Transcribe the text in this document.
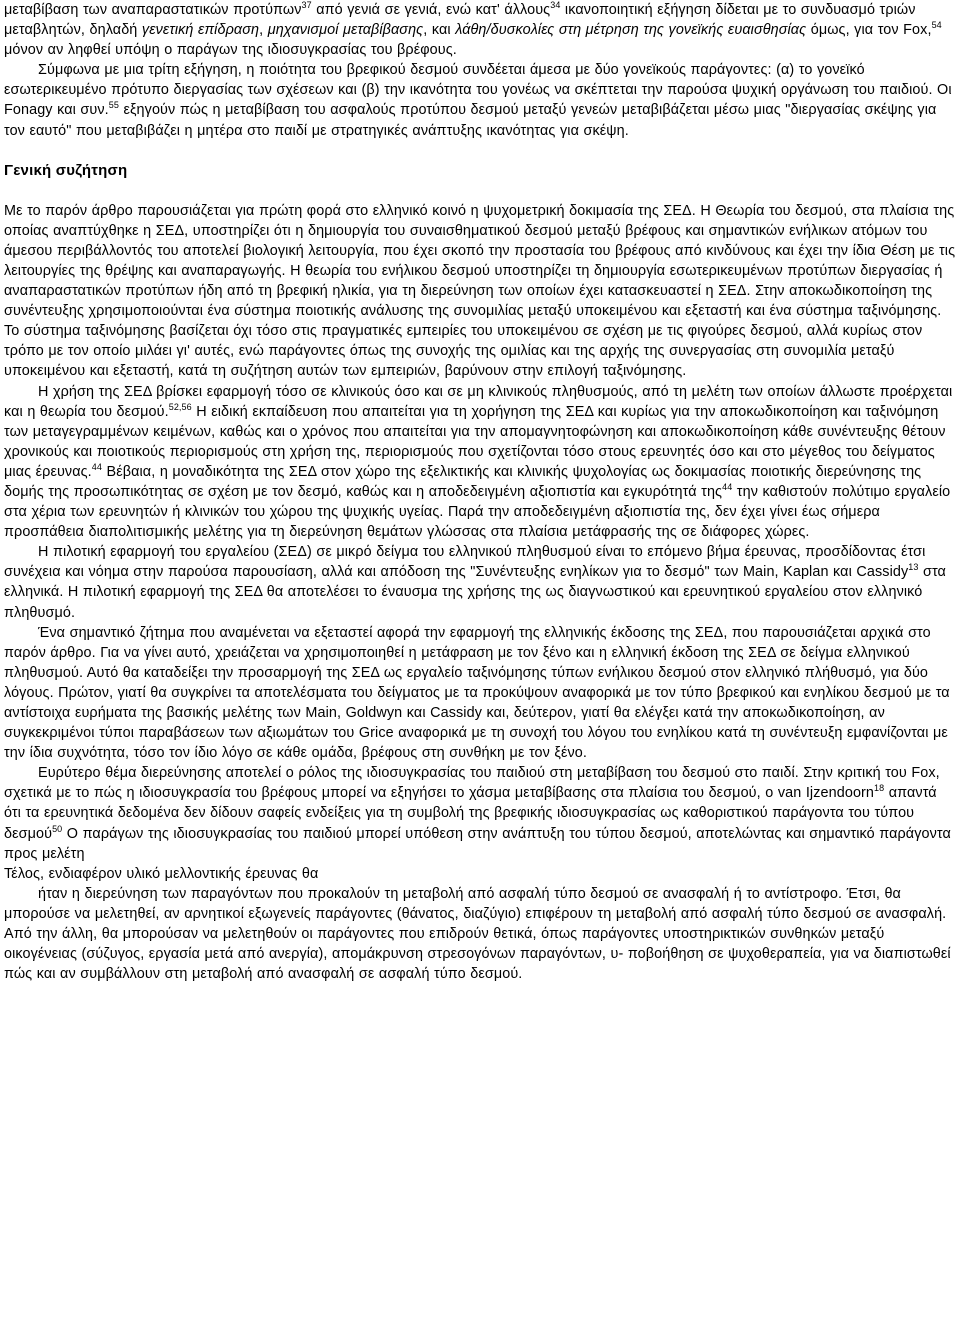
μεταβίβαση των αναπαραστατικών προτύπων$^{37}$ από γενιά σε γενιά, ενώ κατ' άλλους$^{34}$ ικανοποιητική εξήγηση δίδεται με το συνδυασμό τριών μεταβλητών, δηλαδή γενετική επίδραση, μηχανισμοί μεταβίβασης, και λάθη/δυσκολίες στη μέτρηση της γονεϊκής ευαισθησίας όμως, για τον Fox,$^{54}$ μόνον αν ληφθεί υπόψη ο παράγων της ιδιοσυγκρασίας του βρέφους.

Σύμφωνα με μια τρίτη εξήγηση, η ποιότητα του βρεφικού δεσμού συνδέεται άμεσα με δύο γονεϊκούς παράγοντες: (α) το γονεϊκό εσωτερικευμένο πρότυπο διεργασίας των σχέσεων και (β) την ικανότητα του γονέως να σκέπτεται την παρούσα ψυχική οργάνωση του παιδιού. Οι Fonagy και συν.$^{55}$ εξηγούν πώς η μεταβίβαση του ασφαλούς προτύπου δεσμού μεταξύ γενεών μεταβιβάζεται μέσω μιας "διεργασίας σκέψης για τον εαυτό" που μεταβιβάζει η μητέρα στο παιδί με στρατηγικές ανάπτυξης ικανότητας για σκέψη.

Γενική συζήτηση

Με το παρόν άρθρο παρουσιάζεται για πρώτη φορά στο ελληνικό κοινό η ψυχομετρική δοκιμασία της ΣΕΔ. Η Θεωρία του δεσμού, στα πλαίσια της οποίας αναπτύχθηκε η ΣΕΔ, υποστηρίζει ότι η δημιουργία του συναισθηματικού δεσμού μεταξύ βρέφους και σημαντικών ενήλικων ατόμων του άμεσου περιβάλλοντός του αποτελεί βιολογική λειτουργία, που έχει σκοπό την προστασία του βρέφους από κινδύνους και έχει την ίδια Θέση με τις λειτουργίες της θρέψης και αναπαραγωγής. Η θεωρία του ενήλικου δεσμού υποστηρίζει τη δημιουργία εσωτερικευμένων προτύπων διεργασίας ή αναπαραστατικών προτύπων ήδη από τη βρεφική ηλικία, για τη διερεύνηση των οποίων έχει κατασκευαστεί η ΣΕΔ. Στην αποκωδικοποίηση της συνέντευξης χρησιμοποιούνται ένα σύστημα ποιοτικής ανάλυσης της συνομιλίας μεταξύ υποκειμένου και εξεταστή και ένα σύστημα ταξινόμησης. Το σύστημα ταξινόμησης βασίζεται όχι τόσο στις πραγματικές εμπειρίες του υποκειμένου σε σχέση με τις φιγούρες δεσμού, αλλά κυρίως στον τρόπο με τον οποίο μιλάει γι' αυτές, ενώ παράγοντες όπως της συνοχής της ομιλίας και της αρχής της συνεργασίας στη συνομιλία μεταξύ υποκειμένου και εξεταστή, κατά τη συζήτηση αυτών των εμπειριών, βαρύνουν στην επιλογή ταξινόμησης.

Η χρήση της ΣΕΔ βρίσκει εφαρμογή τόσο σε κλινικούς όσο και σε μη κλινικούς πληθυσμούς, από τη μελέτη των οποίων άλλωστε προέρχεται και η θεωρία του δεσμού.$^{52,56}$ Η ειδική εκπαίδευση που απαιτείται για τη χορήγηση της ΣΕΔ και κυρίως για την αποκωδικοποίηση και ταξινόμηση των μεταγεγραμμένων κειμένων, καθώς και ο χρόνος που απαιτείται για την απομαγνητοφώνηση και αποκωδικοποίηση κάθε συνέντευξης θέτουν χρονικούς και ποιοτικούς περιορισμούς στη χρήση της, περιορισμούς που σχετίζονται τόσο στους ερευνητές όσο και στο μέγεθος του δείγματος μιας έρευνας.$^{44}$ Βέβαια, η μοναδικότητα της ΣΕΔ στον χώρο της εξελικτικής και κλινικής ψυχολογίας ως δοκιμασίας ποιοτικής διερεύνησης της δομής της προσωπικότητας σε σχέση με τον δεσμό, καθώς και η αποδεδειγμένη αξιοπιστία και εγκυρότητά της$^{44}$ την καθιστούν πολύτιμο εργαλείο στα χέρια των ερευνητών ή κλινικών του χώρου της ψυχικής υγείας. Παρά την αποδεδειγμένη αξιοπιστία της, δεν έχει γίνει έως σήμερα προσπάθεια διαπολιτισμικής μελέτης για τη διερεύνηση θεμάτων γλώσσας στα πλαίσια μετάφρασής της σε διάφορες χώρες.

Η πιλοτική εφαρμογή του εργαλείου (ΣΕΔ) σε μικρό δείγμα του ελληνικού πληθυσμού είναι το επόμενο βήμα έρευνας, προσδίδοντας έτσι συνέχεια και νόημα στην παρούσα παρουσίαση, αλλά και απόδοση της "Συνέντευξης ενηλίκων για το δεσμό" των Main, Kaplan και Cassidy$^{13}$ στα ελληνικά. Η πιλοτική εφαρμογή της ΣΕΔ θα αποτελέσει το έναυσμα της χρήσης της ως διαγνωστικού και ερευνητικού εργαλείου στον ελληνικό πληθυσμό.

Ένα σημαντικό ζήτημα που αναμένεται να εξεταστεί αφορά την εφαρμογή της ελληνικής έκδοσης της ΣΕΔ, που παρουσιάζεται αρχικά στο παρόν άρθρο. Για να γίνει αυτό, χρειάζεται να χρησιμοποιηθεί η μετάφραση με τον ξένο και η ελληνική έκδοση της ΣΕΔ σε δείγμα ελληνικού πληθυσμού. Αυτό θα καταδείξει την προσαρμογή της ΣΕΔ ως εργαλείο ταξινόμησης τύπων ενήλικου δεσμού στον ελληνικό πλήθυσμό, για δύο λόγους. Πρώτον, γιατί θα συγκρίνει τα αποτελέσματα του δείγματος με τα προκύψουν αναφορικά με τον τύπο βρεφικού και ενηλίκου δεσμού με τα αντίστοιχα ευρήματα της βασικής μελέτης των Main, Goldwyn και Cassidy και, δεύτερον, γιατί θα ελέγξει κατά την αποκωδικοποίηση, αν συγκεκριμένοι τύποι παραβάσεων των αξιωμάτων του Grice αναφορικά με τη συνοχή του λόγου του ενηλίκου κατά τη συνέντευξη εμφανίζονται με την ίδια συχνότητα, τόσο τον ίδιο λόγο σε κάθε ομάδα, βρέφους στη συνθήκη με τον ξένο.

Ευρύτερο θέμα διερεύνησης αποτελεί ο ρόλος της ιδιοσυγκρασίας του παιδιού στη μεταβίβαση του δεσμού στο παιδί. Στην κριτική του Fox, σχετικά με το πώς η ιδιοσυγκρασία του βρέφους μπορεί να εξηγήσει το χάσμα μεταβίβασης στα πλαίσια του δεσμού, ο van Ijzendoorn$^{18}$ απαντά ότι τα ερευνητικά δεδομένα δεν δίδουν σαφείς ενδείξεις για τη συμβολή της βρεφικής ιδιοσυγκρασίας ως καθοριστικού παράγοντα του τύπου δεσμού$^{50}$ Ο παράγων της ιδιοσυγκρασίας του παιδιού μπορεί υπόθεση στην ανάπτυξη του τύπου δεσμού, αποτελώντας και σημαντικό παράγοντα προς μελέτη

Τέλος, ενδιαφέρον υλικό μελλοντικής έρευνας θα

ήταν η διερεύνηση των παραγόντων που προκαλούν τη μεταβολή από ασφαλή τύπο δεσμού σε ανασφαλή ή το αντίστροφο. Έτσι, θα μπορούσε να μελετηθεί, αν αρνητικοί εξωγενείς παράγοντες (θάνατος, διαζύγιο) επιφέρουν τη μεταβολή από ασφαλή τύπο δεσμού σε ανασφαλή.

Από την άλλη, θα μπορούσαν να μελετηθούν οι παράγοντες που επιδρούν θετικά, όπως παράγοντες υποστηρικτικών συνθηκών μεταξύ οικογένειας (σύζυγος, εργασία μετά από ανεργία), απομάκρυνση στρεσογόνων παραγόντων, υ- ποβοήθηση σε ψυχοθεραπεία, για να διαπιστωθεί πώς και αν συμβάλλουν στη μεταβολή από ανασφαλή σε ασφαλή τύπο δεσμού.
